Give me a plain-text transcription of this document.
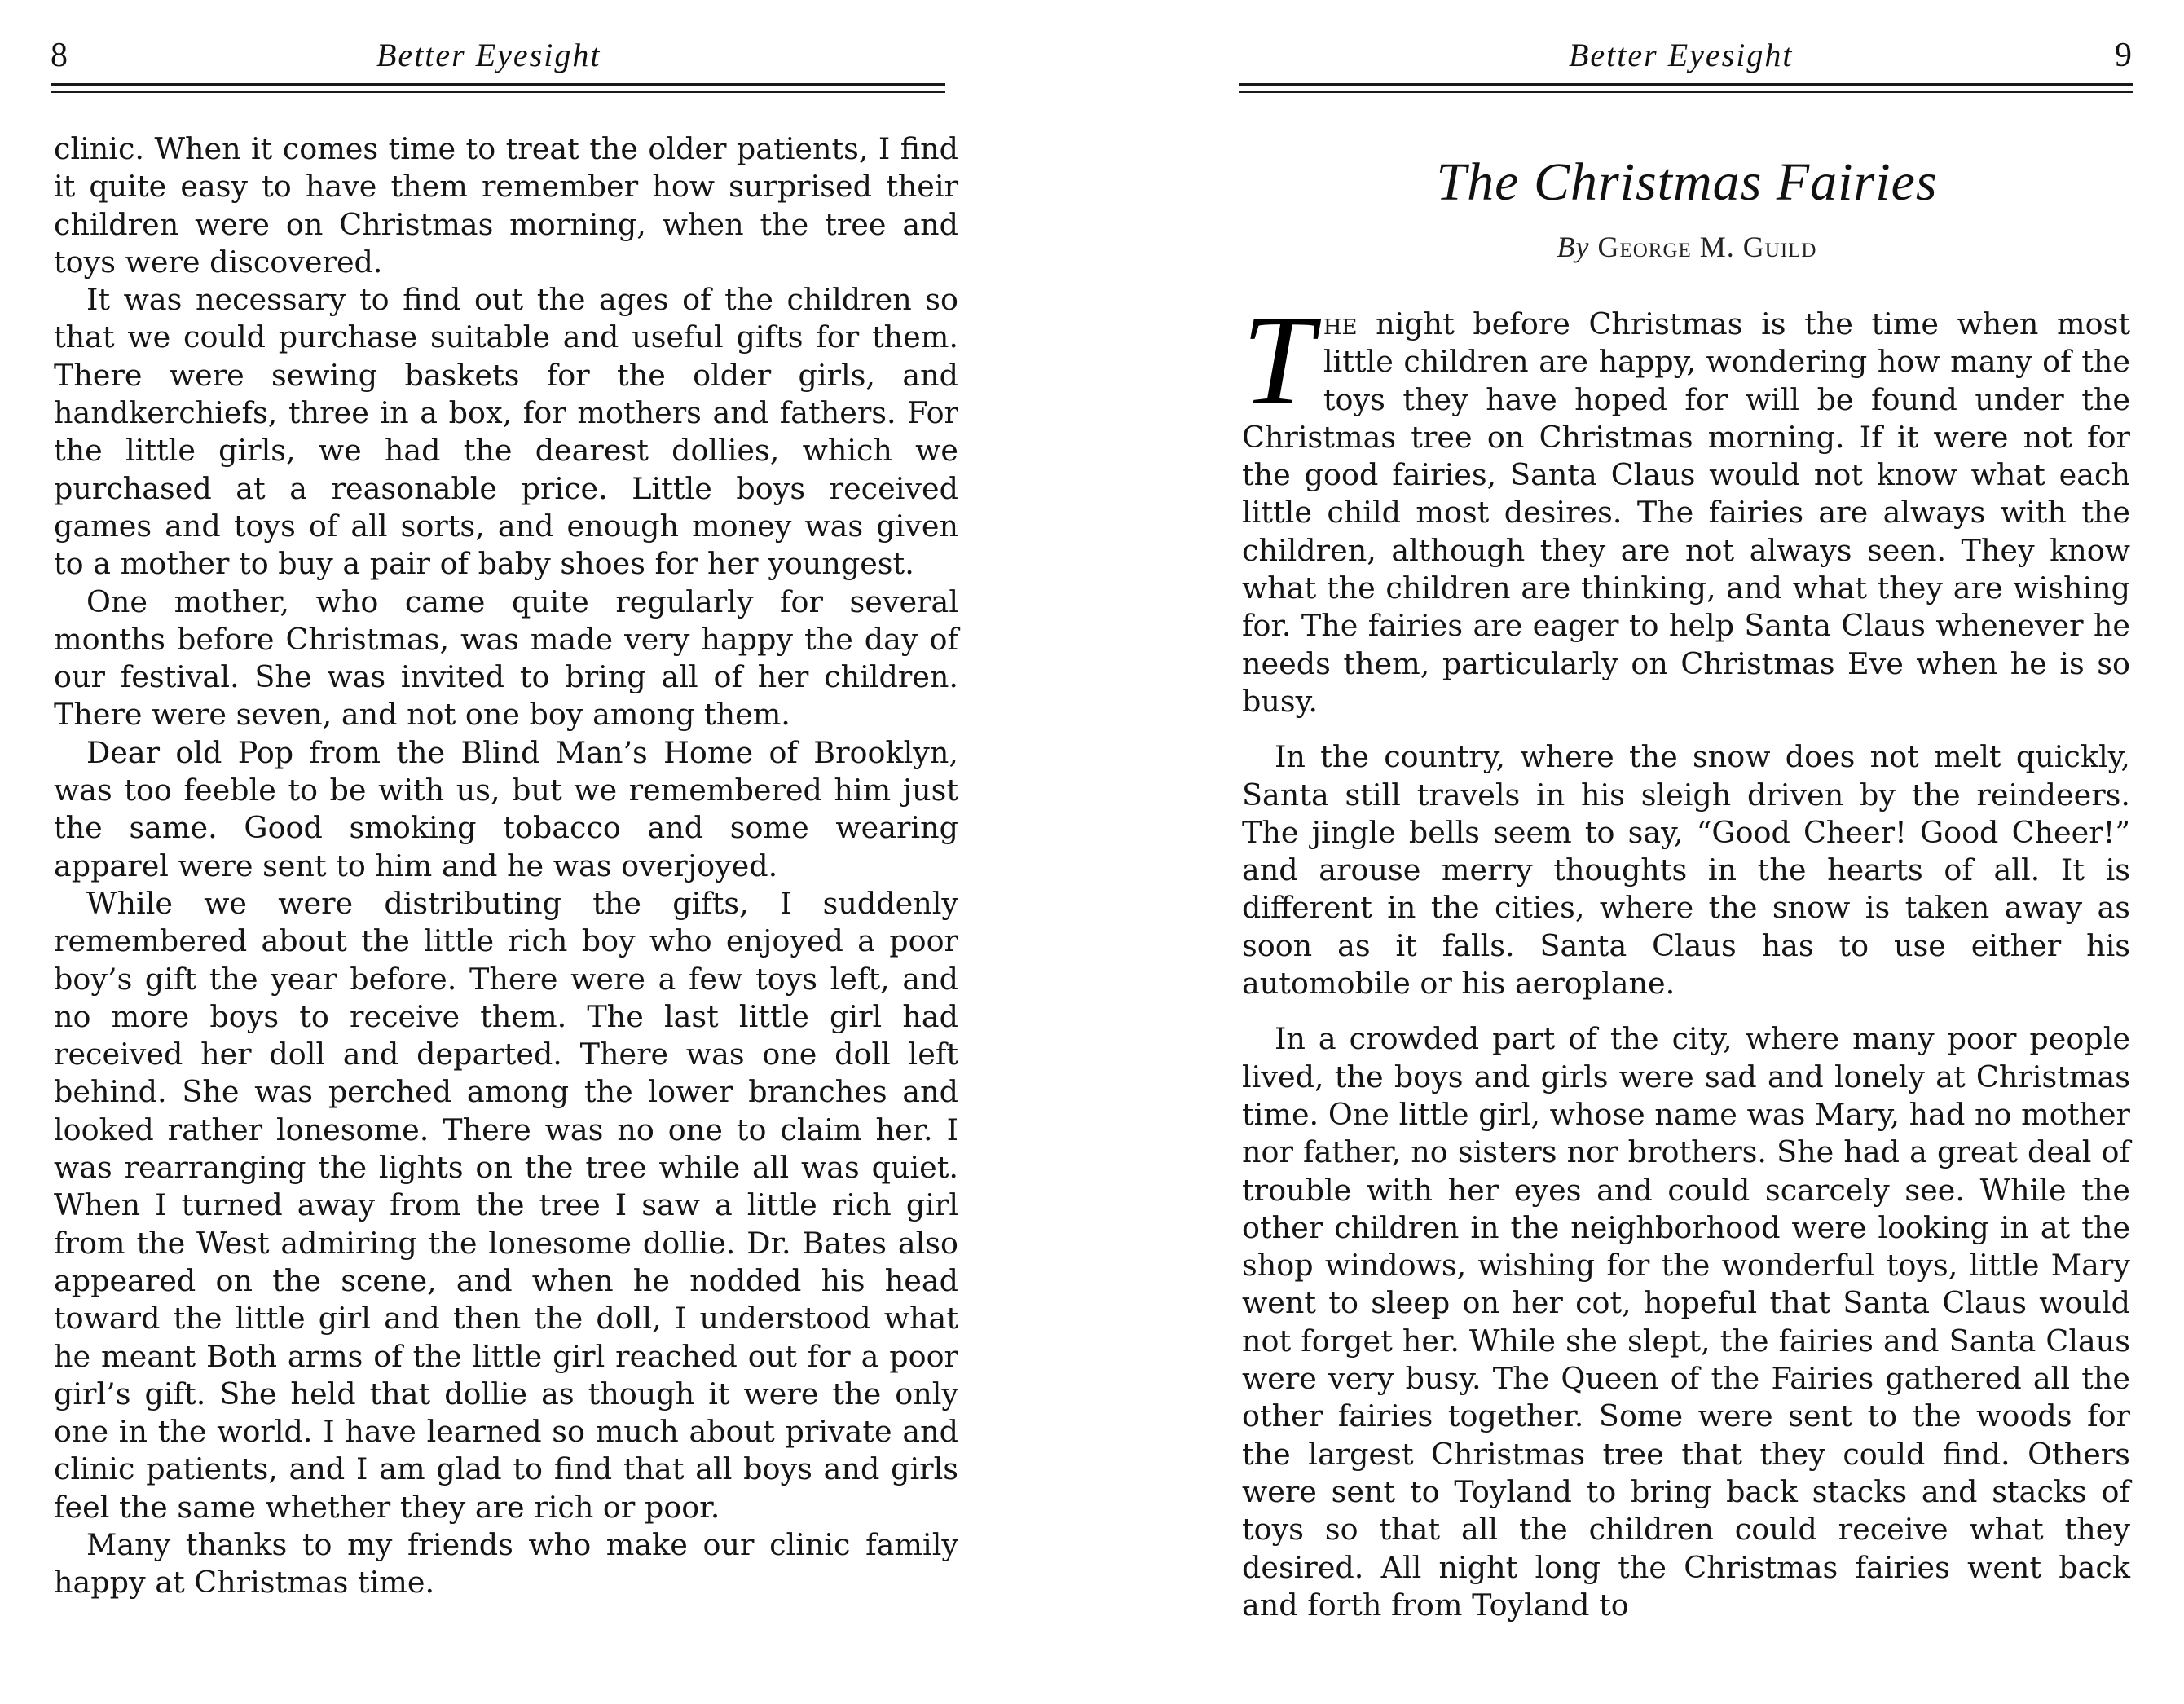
8	Better Eyesight

clinic. When it comes time to treat the older patients, I find it quite easy to have them remember how surprised their children were on Christmas morning, when the tree and toys were discovered.

It was necessary to find out the ages of the children so that we could purchase suitable and useful gifts for them. There were sewing baskets for the older girls, and handkerchiefs, three in a box, for mothers and fathers. For the little girls, we had the dearest dollies, which we purchased at a reasonable price. Little boys received games and toys of all sorts, and enough money was given to a mother to buy a pair of baby shoes for her youngest.

One mother, who came quite regularly for several months before Christmas, was made very happy the day of our festival. She was invited to bring all of her children. There were seven, and not one boy among them.

Dear old Pop from the Blind Man’s Home of Brooklyn, was too feeble to be with us, but we remembered him just the same. Good smoking tobacco and some wearing apparel were sent to him and he was overjoyed.

While we were distributing the gifts, I suddenly remembered about the little rich boy who enjoyed a poor boy’s gift the year before. There were a few toys left, and no more boys to receive them. The last little girl had received her doll and departed. There was one doll left behind. She was perched among the lower branches and looked rather lonesome. There was no one to claim her. I was rearranging the lights on the tree while all was quiet. When I turned away from the tree I saw a little rich girl from the West admiring the lonesome dollie. Dr. Bates also appeared on the scene, and when he nodded his head toward the little girl and then the doll, I understood what he meant Both arms of the little girl reached out for a poor girl’s gift. She held that dollie as though it were the only one in the world. I have learned so much about private and clinic patients, and I am glad to find that all boys and girls feel the same whether they are rich or poor.

Many thanks to my friends who make our clinic family happy at Christmas time.

Better Eyesight	9
The Christmas Fairies
By George M. Guild

The night before Christmas is the time when most little children are happy, wondering how many of the toys they have hoped for will be found under the Christmas tree on Christmas morning. If it were not for the good fairies, Santa Claus would not know what each little child most desires. The fairies are always with the children, although they are not always seen. They know what the children are thinking, and what they are wishing for. The fairies are eager to help Santa Claus whenever he needs them, particularly on Christmas Eve when he is so busy.

In the country, where the snow does not melt quickly, Santa still travels in his sleigh driven by the reindeers. The jingle bells seem to say, “Good Cheer! Good Cheer!” and arouse merry thoughts in the hearts of all. It is different in the cities, where the snow is taken away as soon as it falls. Santa Claus has to use either his automobile or his aeroplane.

In a crowded part of the city, where many poor people lived, the boys and girls were sad and lonely at Christmas time. One little girl, whose name was Mary, had no mother nor father, no sisters nor brothers. She had a great deal of trouble with her eyes and could scarcely see. While the other children in the neighborhood were looking in at the shop windows, wishing for the wonderful toys, little Mary went to sleep on her cot, hopeful that Santa Claus would not forget her. While she slept, the fairies and Santa Claus were very busy. The Queen of the Fairies gathered all the other fairies together. Some were sent to the woods for the largest Christmas tree that they could find. Others were sent to Toyland to bring back stacks and stacks of toys so that all the children could receive what they desired. All night long the Christmas fairies went back and forth from Toyland to
